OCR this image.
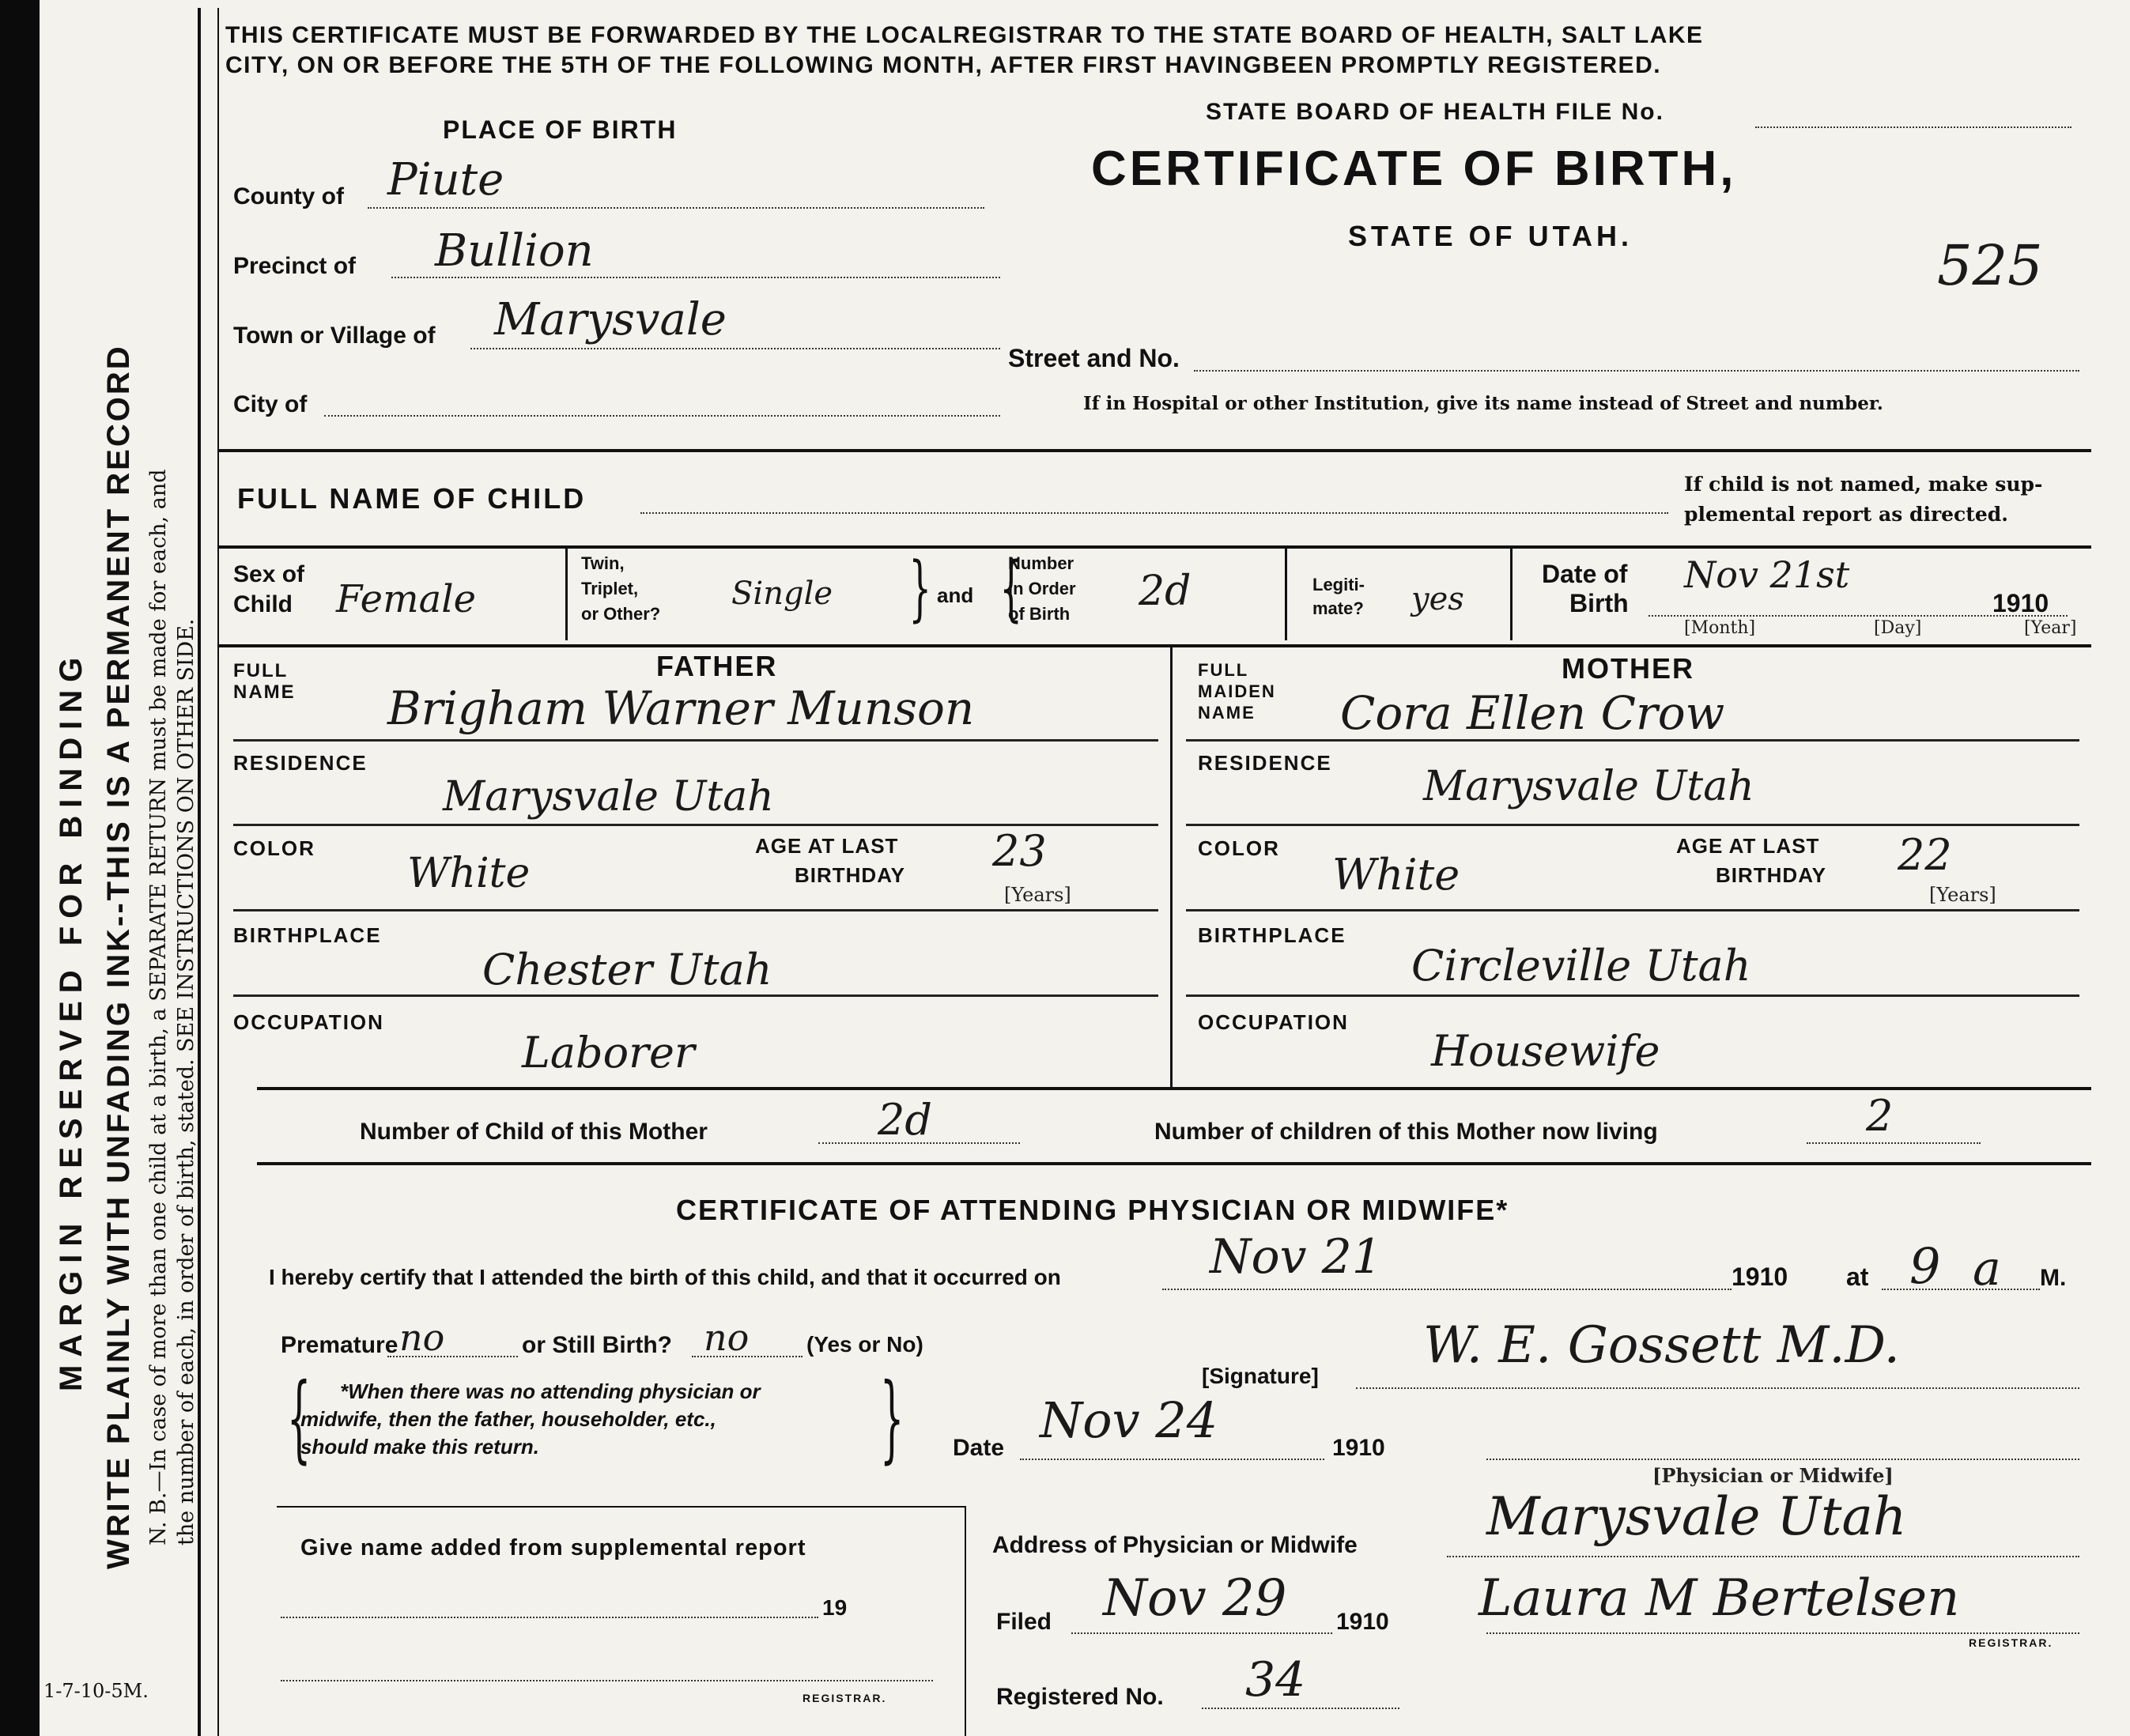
MARGIN RESERVED FOR BINDING WRITE PLAINLY WITH UNFADING INK--THIS IS A PERMANENT RECORD N. B.—In case of more than one child at a birth, a SEPARATE RETURN must be made for each, and the number of each, in order of birth, stated. SEE INSTRUCTIONS ON OTHER SIDE.
1-7-10-5M.
THIS CERTIFICATE MUST BE FORWARDED BY THE LOCALREGISTRAR TO THE STATE BOARD OF HEALTH, SALT LAKE
CITY, ON OR BEFORE THE 5TH OF THE FOLLOWING MONTH, AFTER FIRST HAVINGBEEN PROMPTLY REGISTERED.
STATE BOARD OF HEALTH FILE No.
CERTIFICATE OF BIRTH,
STATE OF UTAH.	525
PLACE OF BIRTH
County of Piute
Precinct of Bullion
Town or Village of Marysvale
City of
Street and No.
If in Hospital or other Institution, give its name instead of Street and number.
FULL NAME OF CHILD	If child is not named, make sup-
plemental report as directed.
Sex of
Child Female
Twin,
Triplet,
or Other?
Single } and {
Number
in Order
of Birth 2d	Legiti-
mate? yes
Date of
Birth
Nov 21st
1910
[Month]	[Day]	[Year]
FATHER
FULL
NAME Brigham Warner Munson
RESIDENCE
Marysvale Utah
COLOR
White
AGE AT LAST
BIRTHDAY 23
[Years]
BIRTHPLACE
Chester Utah
OCCUPATION
Laborer
MOTHER
FULL
MAIDEN
NAME Cora Ellen Crow
RESIDENCE Marysvale Utah
COLOR
White
AGE AT LAST
BIRTHDAY 22
[Years]
BIRTHPLACE
Circleville Utah
OCCUPATION
Housewife
Number of Child of this Mother	2d	Number of children of this Mother now living	2
CERTIFICATE OF ATTENDING PHYSICIAN OR MIDWIFE*
I hereby certify that I attended the birth of this child, and that it occurred on	Nov 21	1910 at 9 a M.
Premature no	or Still Birth? no	(Yes or No)
{ *When there was no attending physician or
midwife, then the father, householder, etc.,
should make this return.	}	[Signature]
W. E. Gossett M.D.
Date Nov 24	1910
[Physician or Midwife]
Address of Physician or Midwife Marysvale Utah
Give name added from supplemental report
19
REGISTRAR.
Filed Nov 29 1910 Laura M Bertelsen
REGISTRAR.
Registered No. 34
